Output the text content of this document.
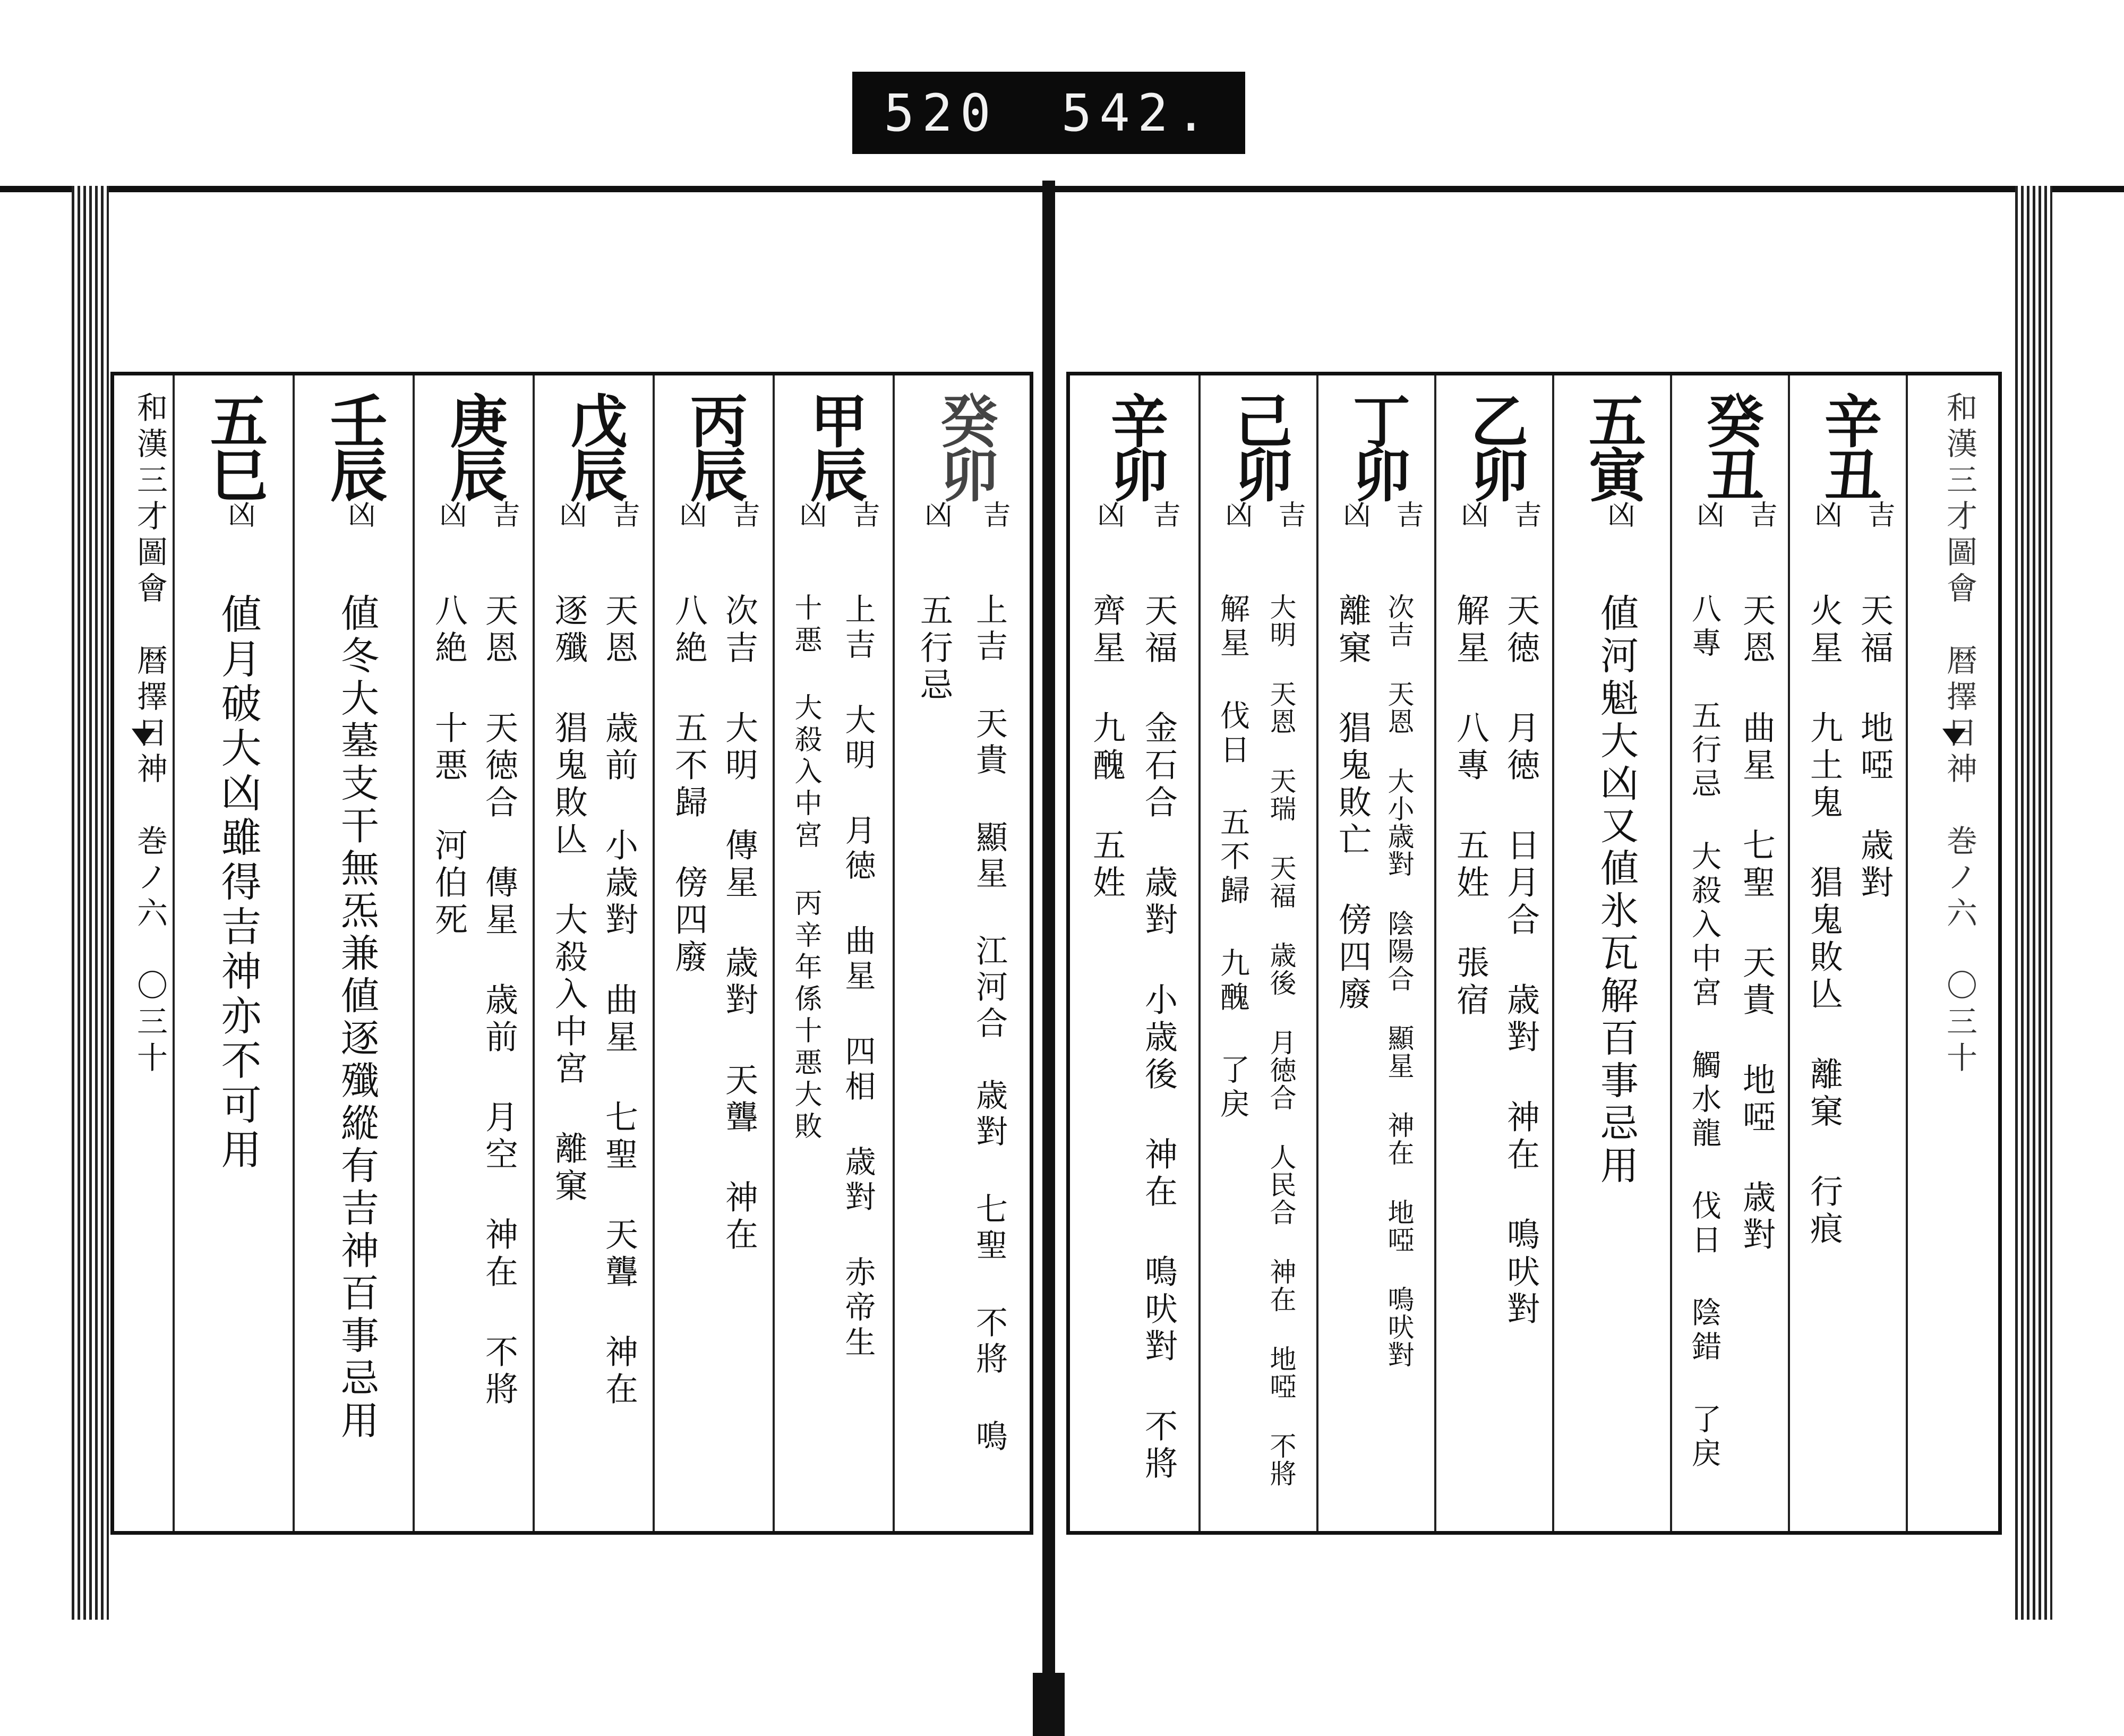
520 542.
和漢三才圖會　暦擇日神　巻ノ六　〇三十 五巳
凶
値月破大凶雖得吉神亦不可用
壬辰
凶
値冬大墓支干無炁兼値逐殲縱有吉神百事忌用
庚辰
吉
凶
天恩 天徳合 傳星 歳前 月空 神在 不將
八絶 十悪 河伯死
戊辰
吉
凶
天恩 歳前 小歳對 曲星 七聖 天聾 神在
逐殲 猖鬼敗亾 大殺入中宮 離窠
丙辰
吉
凶
次吉 大明 傳星 歳對 天聾 神在
八絶 五不歸 傍四廢
甲辰
吉
凶
上吉 大明 月徳 曲星 四相 歳對 赤帝生
十悪 大殺入中宮 丙辛年係十悪大敗
癸卯
吉
凶
上吉 天貴 顯星 江河合　歳對 七聖 不將 鳴
五行忌
辛卯
吉
凶
天福 金石合 歳對 小歳後 神在 鳴吠對 不將
齊星 九醜 五姓
己卯
吉
凶
大明 天恩 天瑞 天福 歳後 月徳合 人民合 神在 地啞 不將
解星 伐日 五不歸 九醜 了戻
丁卯
吉
凶
次吉 天恩 大小歳對 陰陽合 顯星 神在 地啞 鳴吠對
離窠 猖鬼敗亡 傍四廢
乙卯
吉
凶
天徳 月徳 日月合 歳對 神在 鳴吠對
解星 八專 五姓 張宿
五寅
凶
値河魁大凶又値氷瓦解百事忌用
癸丑
吉
凶
天恩 曲星 七聖 天貴 地啞 歳對
八專 五行忌 大殺入中宮 觸水龍 伐日 陰錯 了戻
辛丑
吉
凶
天福 地啞 歳對
火星 九土鬼 猖鬼敗亾 離窠 行痕	和漢三才圖會　暦擇日神　巻ノ六　〇三十
